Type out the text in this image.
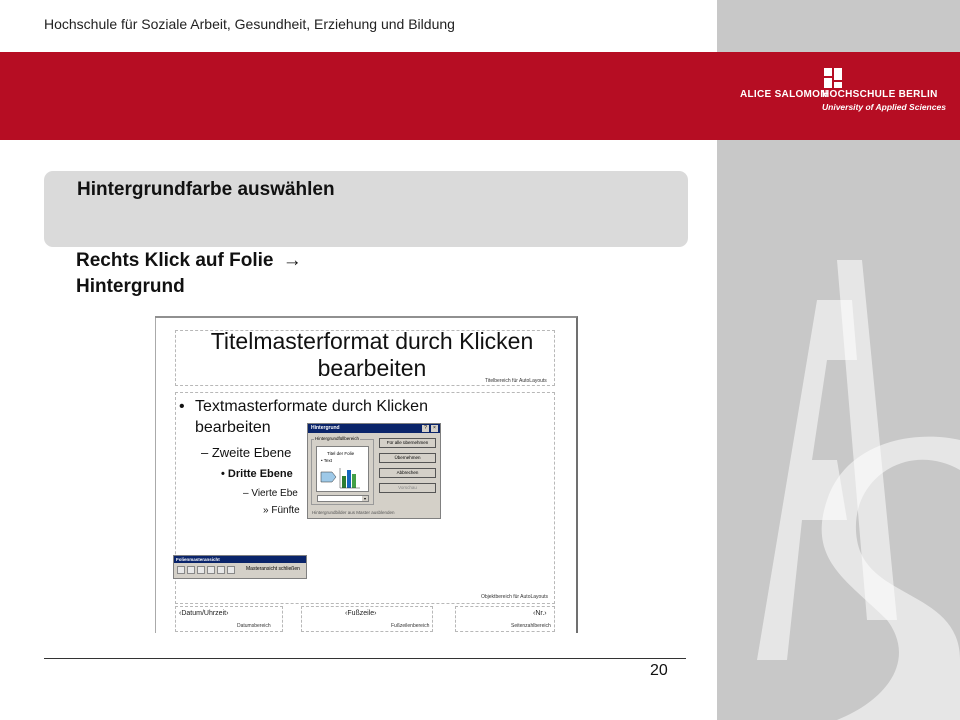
Hochschule für Soziale Arbeit, Gesundheit, Erziehung und Bildung
ALICE SALOMON
HOCHSCHULE BERLIN
University of Applied Sciences
Hintergrundfarbe auswählen
Rechts Klick auf Folie →
Hintergrund
Titelmasterformat durch Klicken bearbeiten	Titelbereich für AutoLayouts
• Textmasterformate durch Klicken
bearbeiten
– Zweite Ebene
• Dritte Ebene
– Vierte Ebe
» Fünfte
Objektbereich für AutoLayouts
‹Datum/Uhrzeit›
Datumsbereich
‹Fußzeile›
Fußzeilenbereich
‹Nr.›
Seitenzahlbereich
Hintergrund	?	×
Hintergrundfüllbereich
Titel der Folie
• Text
▾
Für alle übernehmen
Übernehmen
Abbrechen
Vorschau
Hintergrundbilder aus Master ausblenden
Folienmasteransicht
Masteransicht schließen
20
